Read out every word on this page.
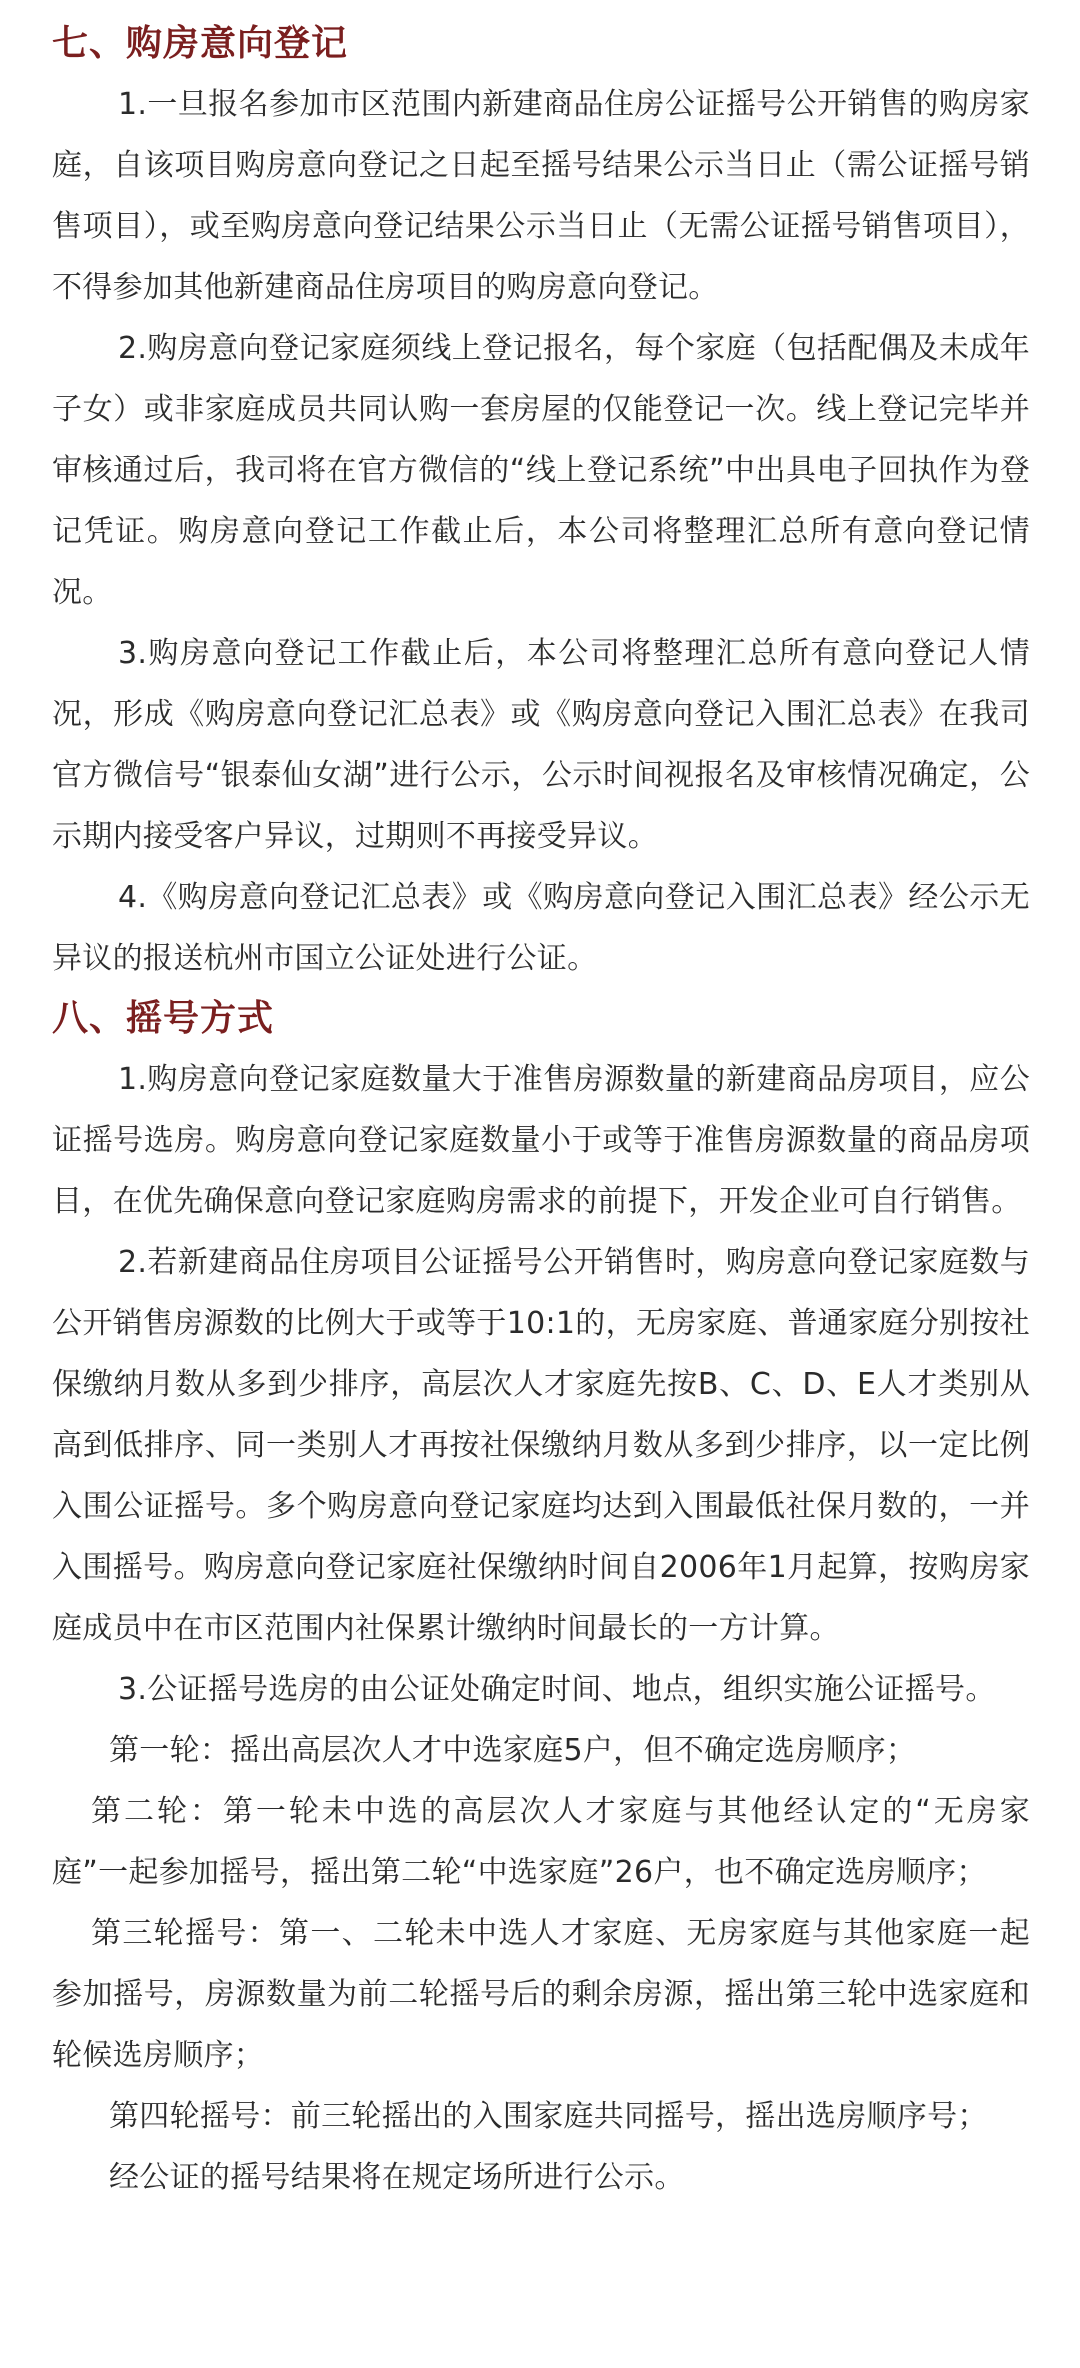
七、购房意向登记

1.一旦报名参加市区范围内新建商品住房公证摇号公开销售的购房家庭，自该项目购房意向登记之日起至摇号结果公示当日止（需公证摇号销售项目），或至购房意向登记结果公示当日止（无需公证摇号销售项目），不得参加其他新建商品住房项目的购房意向登记。

2.购房意向登记家庭须线上登记报名，每个家庭（包括配偶及未成年子女）或非家庭成员共同认购一套房屋的仅能登记一次。线上登记完毕并审核通过后，我司将在官方微信的“线上登记系统”中出具电子回执作为登记凭证。购房意向登记工作截止后，本公司将整理汇总所有意向登记情况。

3.购房意向登记工作截止后，本公司将整理汇总所有意向登记人情况，形成《购房意向登记汇总表》或《购房意向登记入围汇总表》在我司官方微信号“银泰仙女湖”进行公示，公示时间视报名及审核情况确定，公示期内接受客户异议，过期则不再接受异议。

4.《购房意向登记汇总表》或《购房意向登记入围汇总表》经公示无异议的报送杭州市国立公证处进行公证。

八、摇号方式

1.购房意向登记家庭数量大于准售房源数量的新建商品房项目，应公证摇号选房。购房意向登记家庭数量小于或等于准售房源数量的商品房项目，在优先确保意向登记家庭购房需求的前提下，开发企业可自行销售。

2.若新建商品住房项目公证摇号公开销售时，购房意向登记家庭数与公开销售房源数的比例大于或等于10:1的，无房家庭、普通家庭分别按社保缴纳月数从多到少排序，高层次人才家庭先按B、C、D、E人才类别从高到低排序、同一类别人才再按社保缴纳月数从多到少排序，以一定比例入围公证摇号。多个购房意向登记家庭均达到入围最低社保月数的，一并入围摇号。购房意向登记家庭社保缴纳时间自2006年1月起算，按购房家庭成员中在市区范围内社保累计缴纳时间最长的一方计算。

3.公证摇号选房的由公证处确定时间、地点，组织实施公证摇号。

第一轮：摇出高层次人才中选家庭5户，但不确定选房顺序；

第二轮：第一轮未中选的高层次人才家庭与其他经认定的“无房家庭”一起参加摇号，摇出第二轮“中选家庭”26户，也不确定选房顺序；

第三轮摇号：第一、二轮未中选人才家庭、无房家庭与其他家庭一起参加摇号，房源数量为前二轮摇号后的剩余房源，摇出第三轮中选家庭和轮候选房顺序；

第四轮摇号：前三轮摇出的入围家庭共同摇号，摇出选房顺序号；

经公证的摇号结果将在规定场所进行公示。
